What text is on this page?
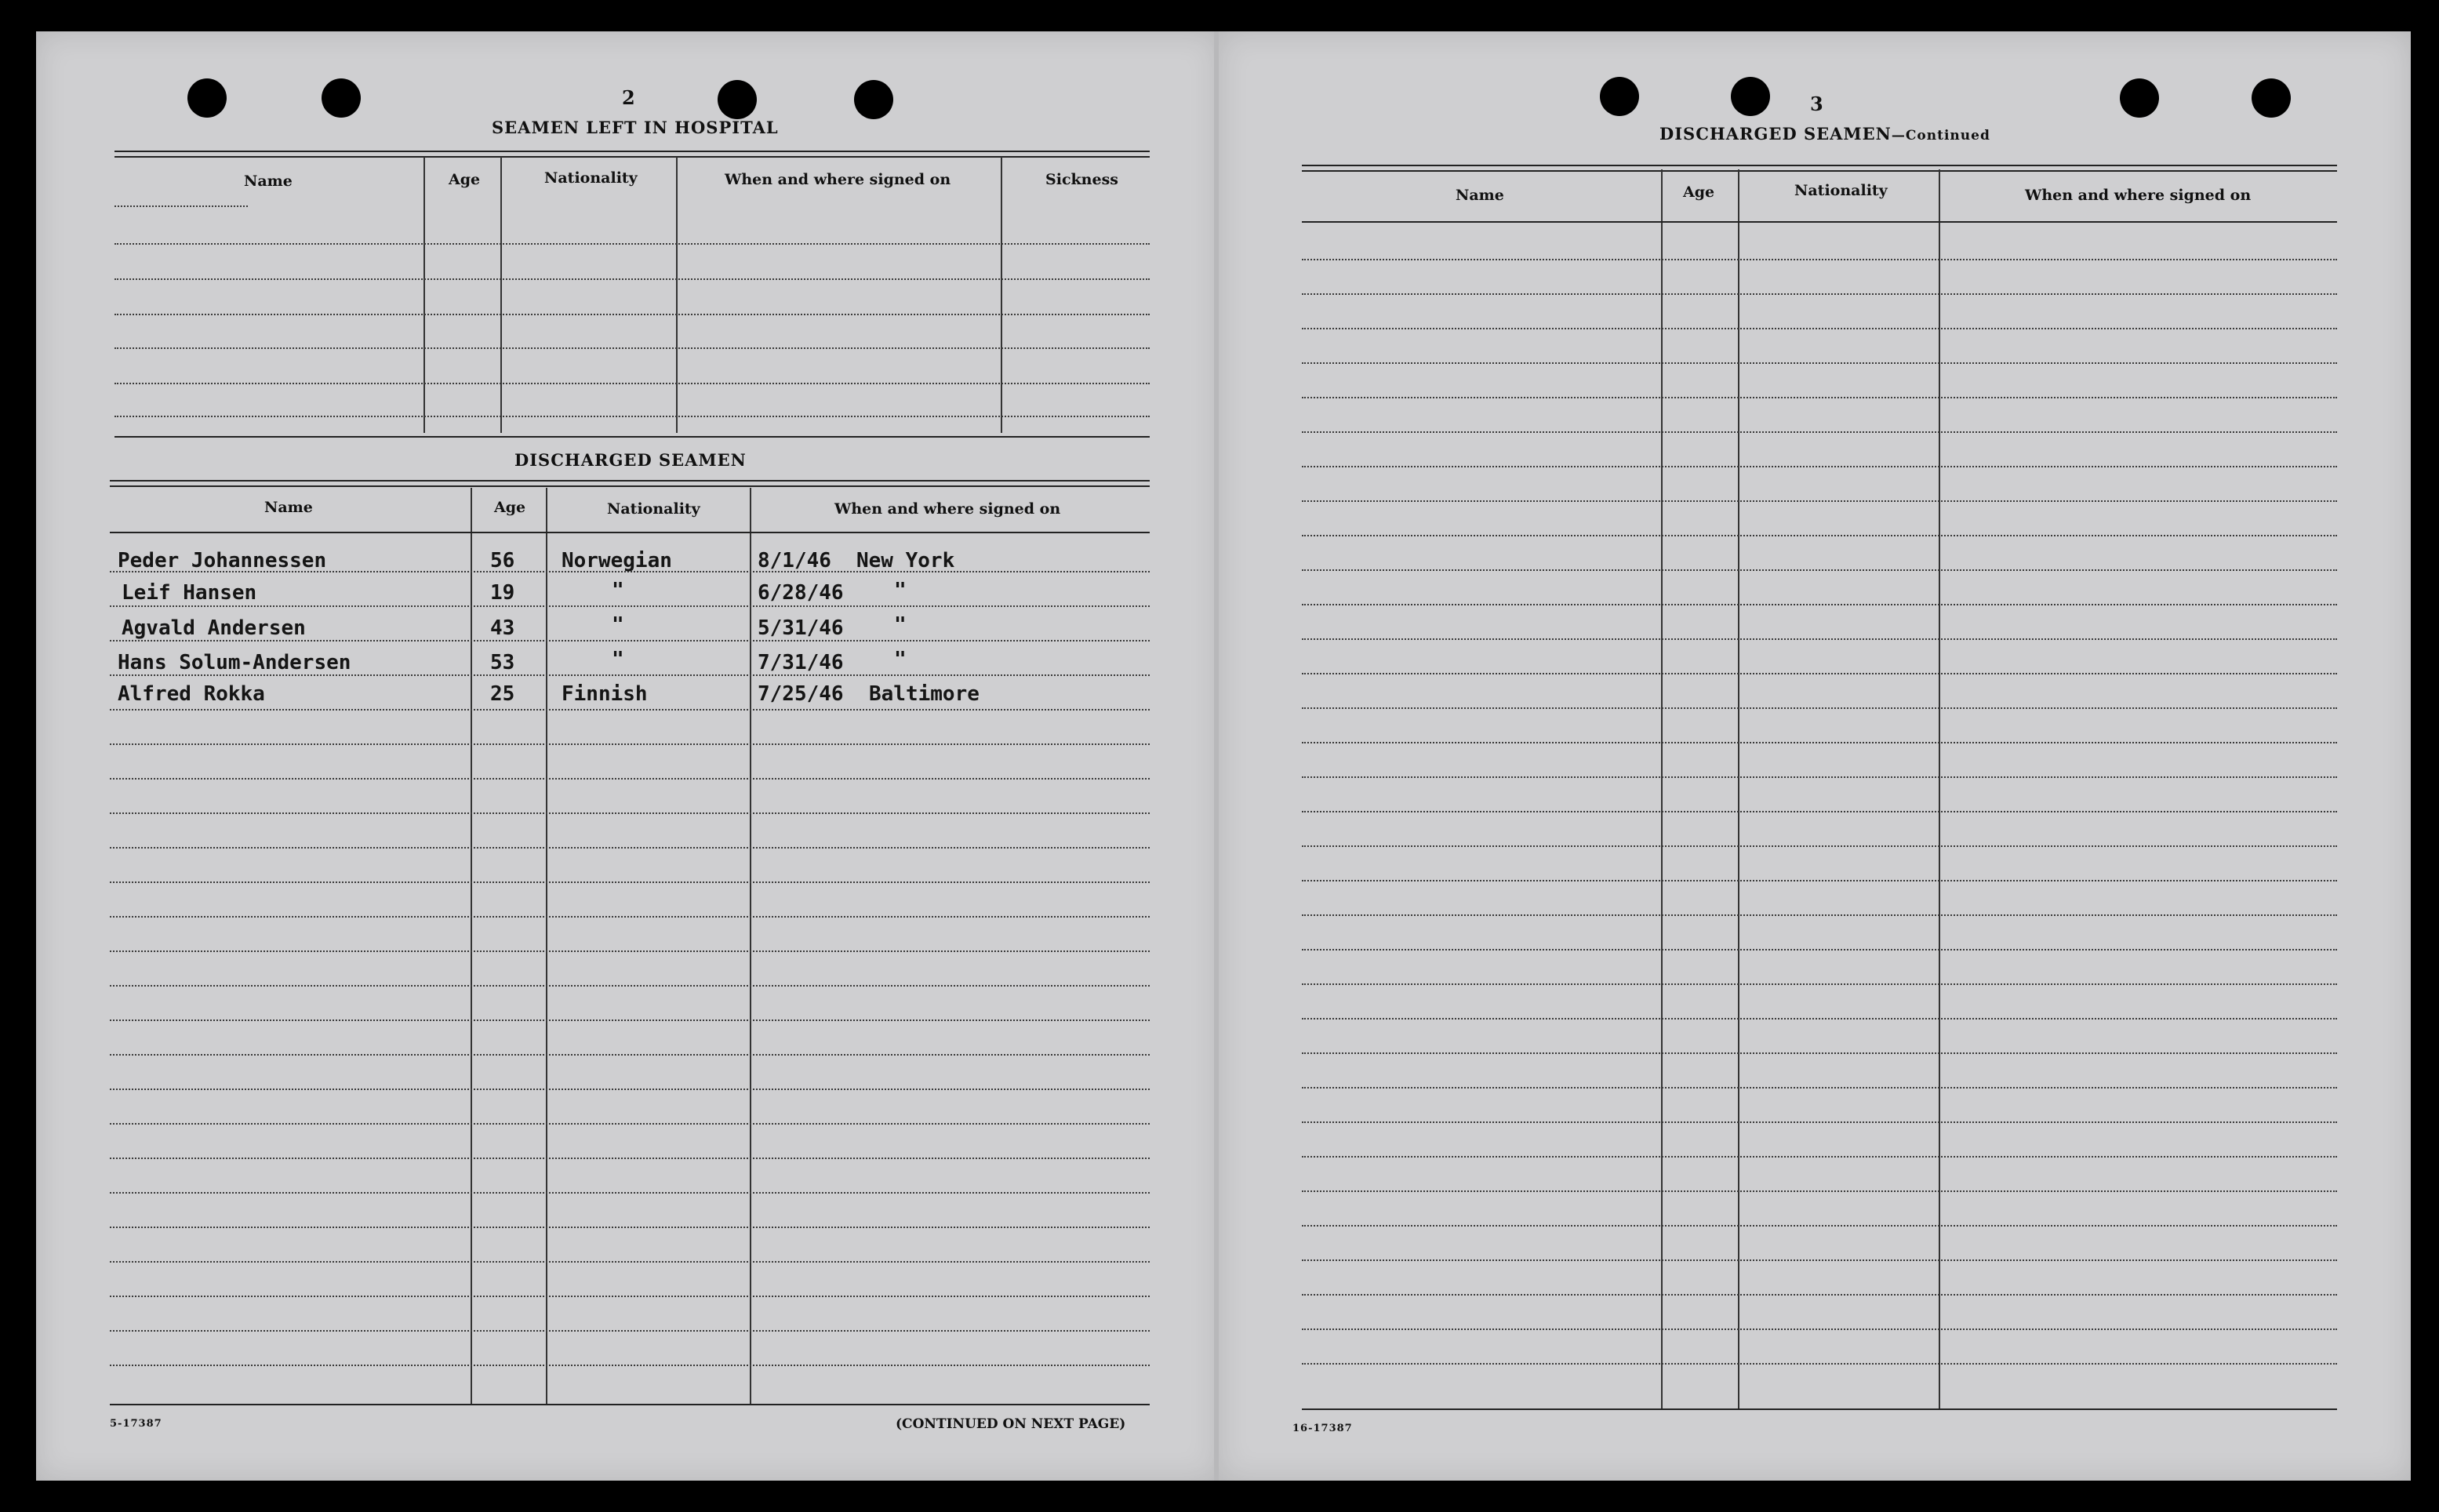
2
SEAMEN LEFT IN HOSPITAL
Name	Age	Nationality	When and where signed on	Sickness
DISCHARGED SEAMEN
Name	Age	Nationality	When and where signed on
Peder Johannessen	56 Norwegian	8/1/46 New York
Leif Hansen	19	"	6/28/46 "
Agvald Andersen	43	"	5/31/46 "
Hans Solum-Andersen	53	"	7/31/46 "
Alfred Rokka	25 Finnish	7/25/46 Baltimore
5-17387	(CONTINUED ON NEXT PAGE)
3
DISCHARGED SEAMEN—Continued
Name	Age	Nationality	When and where signed on
16-17387
